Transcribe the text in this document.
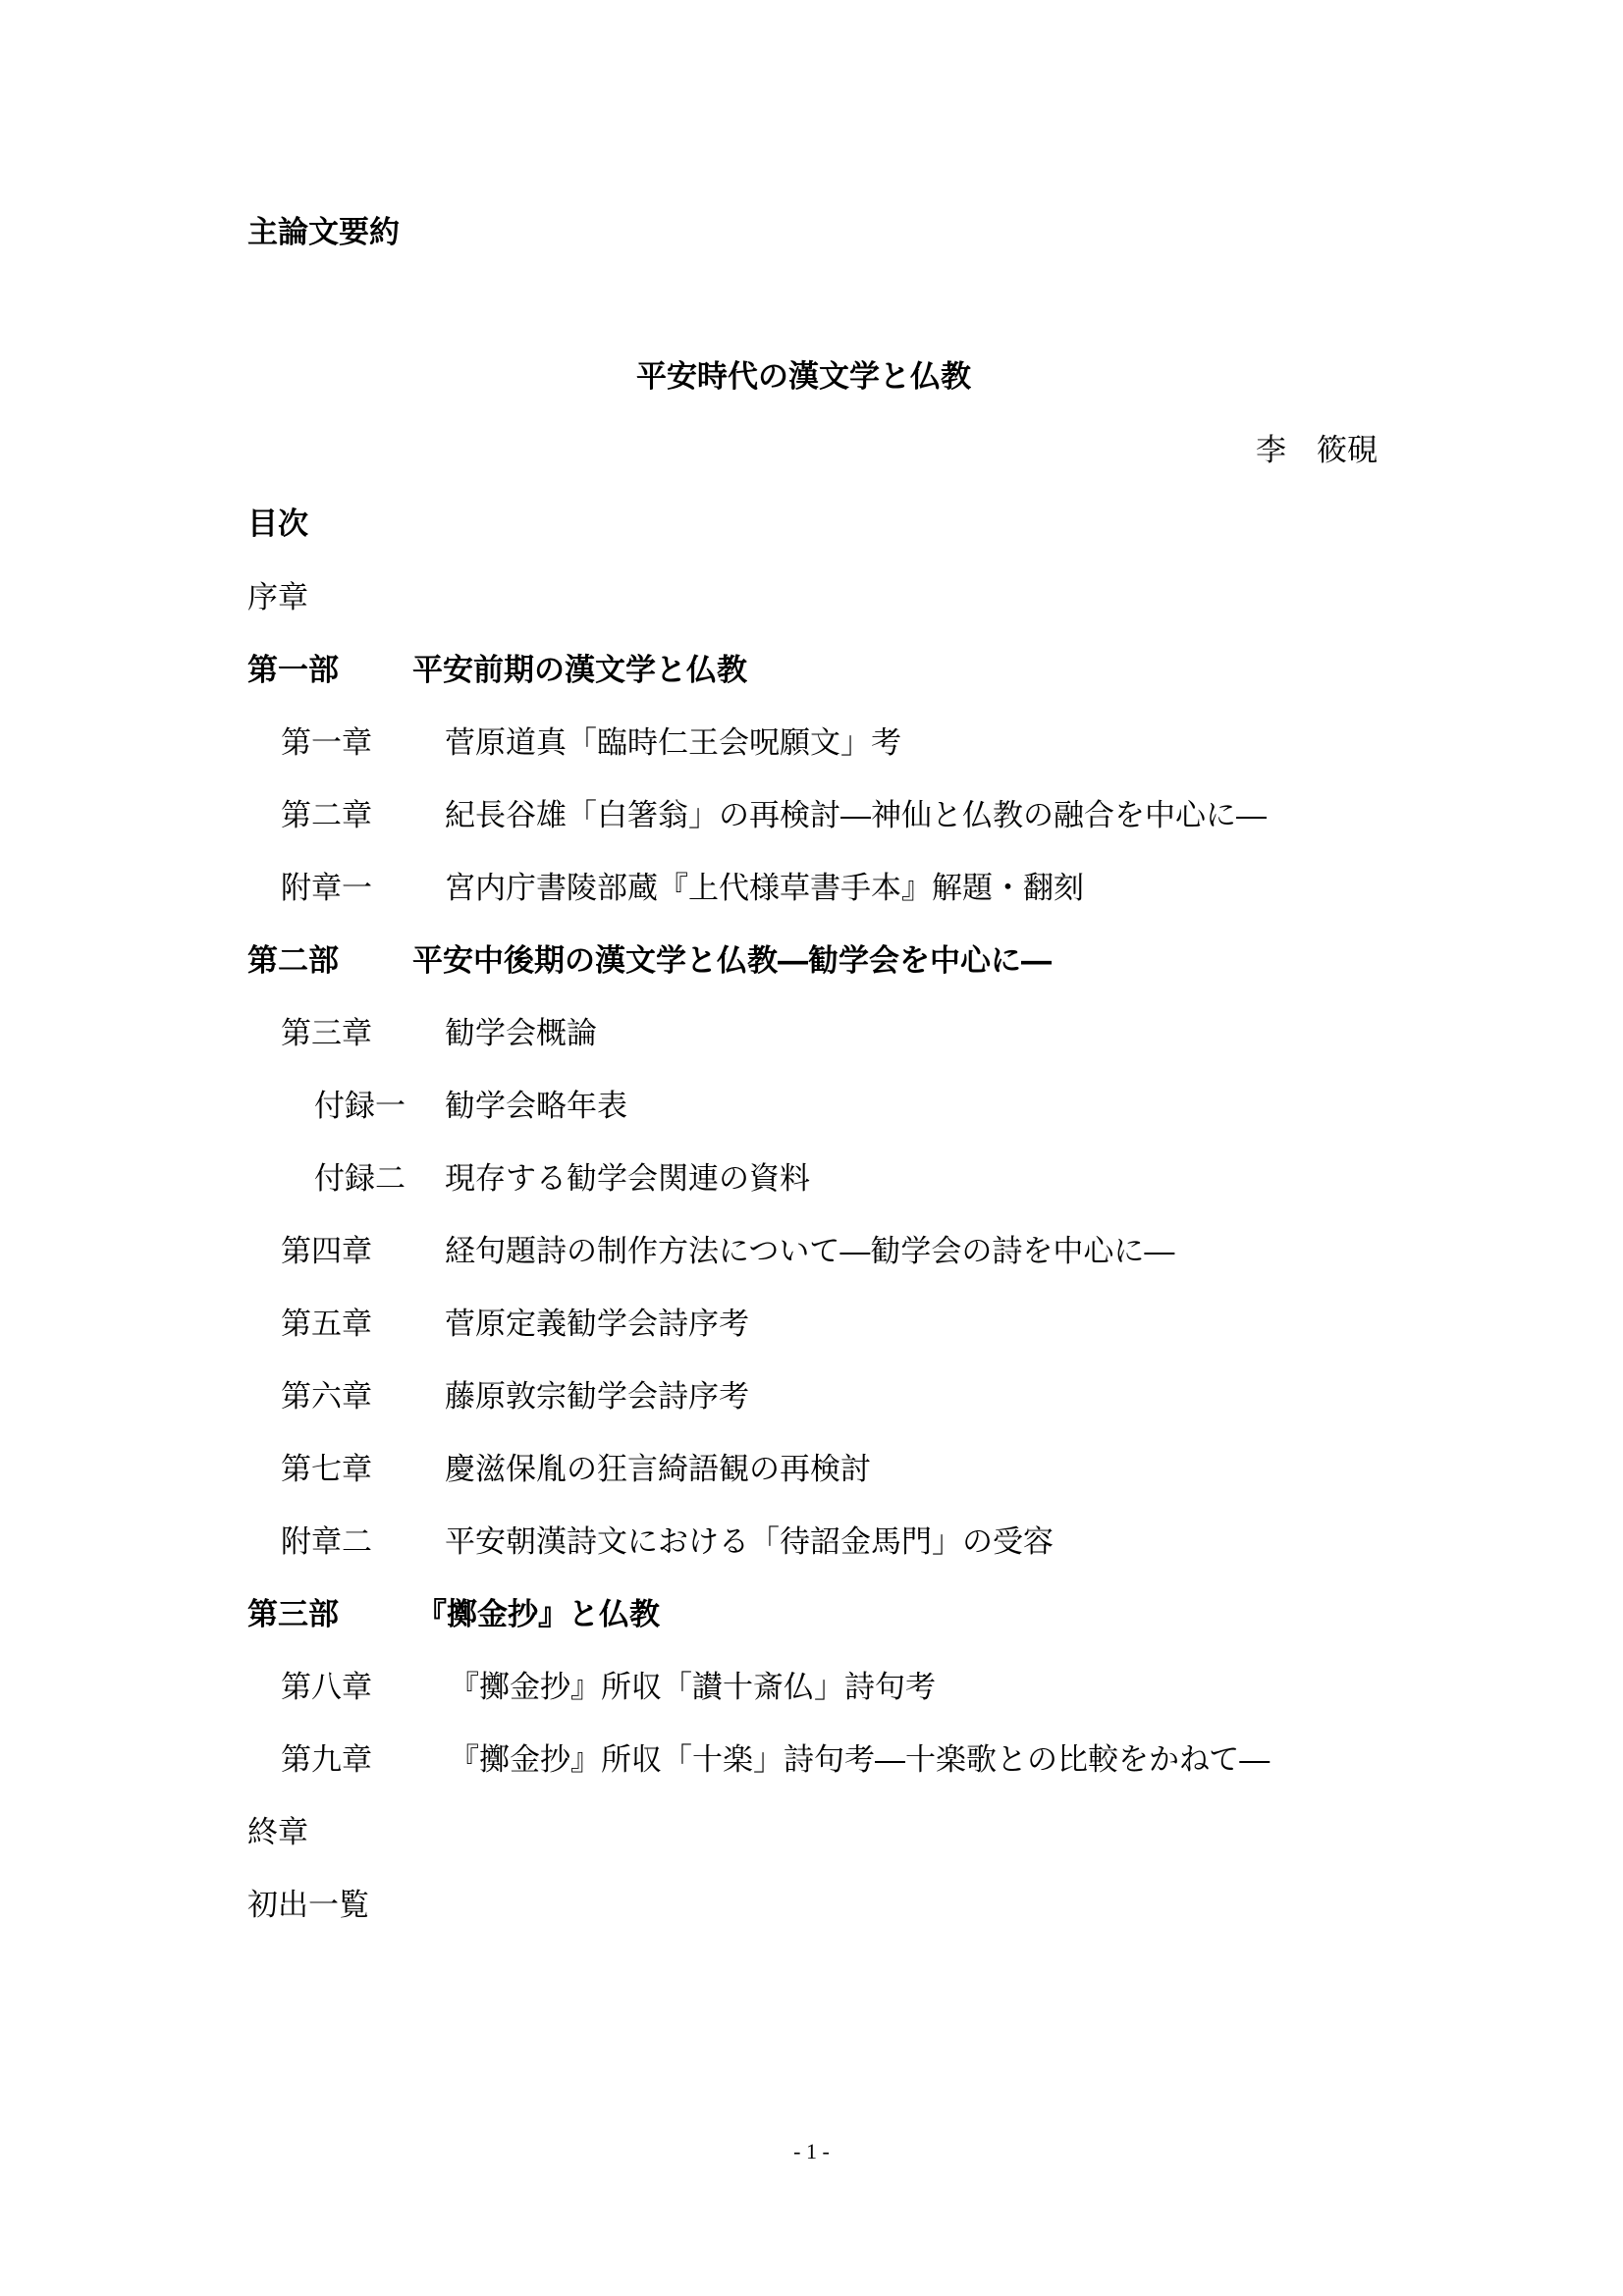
主論文要約
平安時代の漢文学と仏教
李　筱硯
目次
序章
第一部 平安前期の漢文学と仏教
第一章 菅原道真「臨時仁王会呪願文」考
第二章 紀長谷雄「白箸翁」の再検討―神仙と仏教の融合を中心に―
附章一 宮内庁書陵部蔵『上代様草書手本』解題・翻刻
第二部 平安中後期の漢文学と仏教―勧学会を中心に―
第三章 勧学会概論
付録一 勧学会略年表
付録二 現存する勧学会関連の資料
第四章 経句題詩の制作方法について―勧学会の詩を中心に―
第五章 菅原定義勧学会詩序考
第六章 藤原敦宗勧学会詩序考
第七章 慶滋保胤の狂言綺語観の再検討
附章二 平安朝漢詩文における「待詔金馬門」の受容
第三部	『擲金抄』と仏教
第八章	『擲金抄』所収「讃十斎仏」詩句考
第九章	『擲金抄』所収「十楽」詩句考―十楽歌との比較をかねて―
終章
初出一覧
- 1 -
